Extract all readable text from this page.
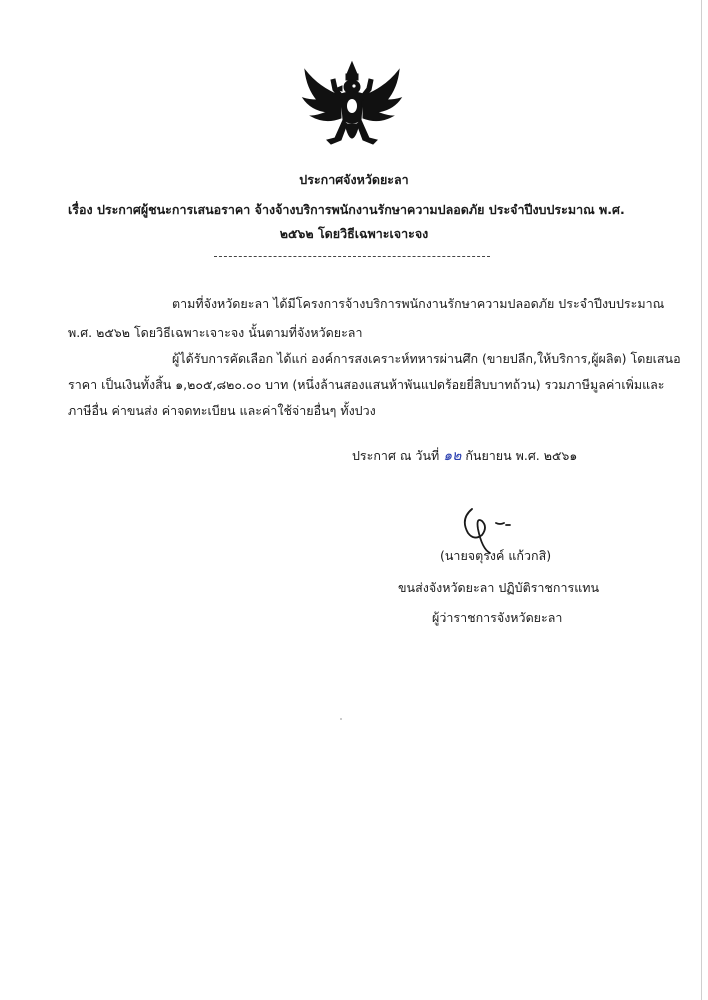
ประกาศจังหวัดยะลา
เรื่อง ประกาศผู้ชนะการเสนอราคา จ้างจ้างบริการพนักงานรักษาความปลอดภัย ประจำปีงบประมาณ พ.ศ.
๒๕๖๒ โดยวิธีเฉพาะเจาะจง
ตามที่จังหวัดยะลา ได้มีโครงการจ้างบริการพนักงานรักษาความปลอดภัย ประจำปีงบประมาณ
พ.ศ. ๒๕๖๒ โดยวิธีเฉพาะเจาะจง นั้นตามที่จังหวัดยะลา
ผู้ได้รับการคัดเลือก ได้แก่ องค์การสงเคราะห์ทหารผ่านศึก (ขายปลีก,ให้บริการ,ผู้ผลิต) โดยเสนอ
ราคา เป็นเงินทั้งสิ้น ๑,๒๐๕,๘๒๐.๐๐ บาท (หนึ่งล้านสองแสนห้าพันแปดร้อยยี่สิบบาทถ้วน) รวมภาษีมูลค่าเพิ่มและ
ภาษีอื่น ค่าขนส่ง ค่าจดทะเบียน และค่าใช้จ่ายอื่นๆ ทั้งปวง
ประกาศ ณ วันที่ ๑๒ กันยายน พ.ศ. ๒๕๖๑
(นายจตุรงค์ แก้วกสิ)
ขนส่งจังหวัดยะลา ปฏิบัติราชการแทน
ผู้ว่าราชการจังหวัดยะลา
